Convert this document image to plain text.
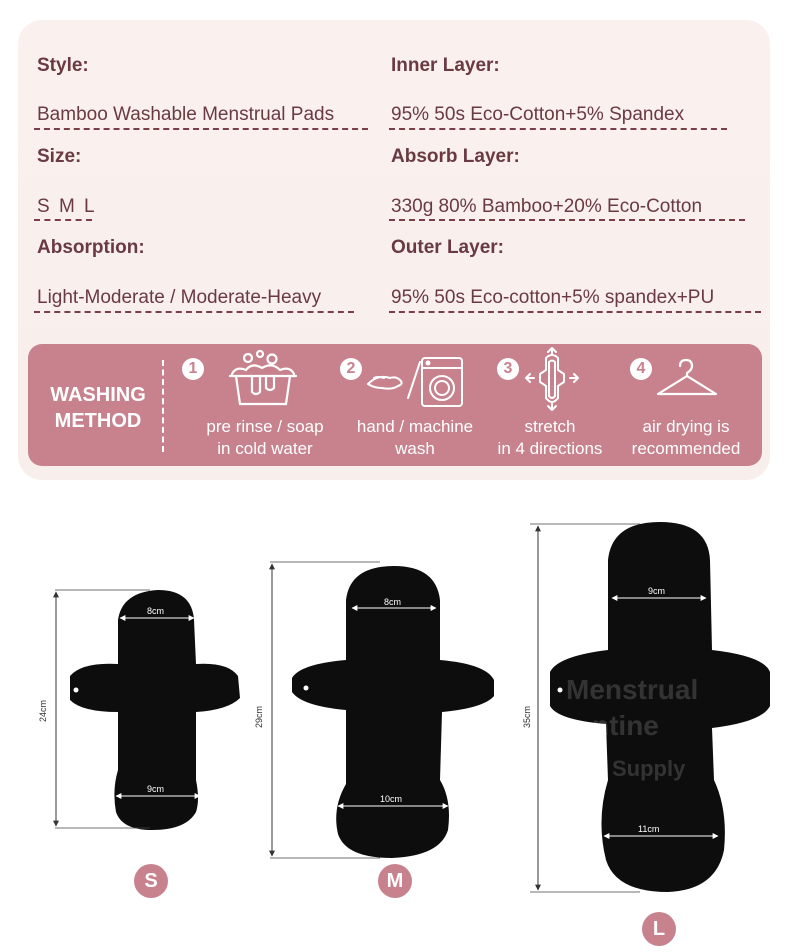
Style:
Bamboo Washable Menstrual Pads
Size:
S M L
Absorption:
Light-Moderate / Moderate-Heavy
Inner Layer:
95% 50s Eco-Cotton+5% Spandex
Absorb Layer:
330g 80% Bamboo+20% Eco-Cotton
Outer Layer:
95% 50s Eco-cotton+5% spandex+PU
WASHING
METHOD
1
pre rinse / soap
in cold water
2
hand / machine
wash
3
stretch
in 4 directions
4
air drying is
recommended
8cm
9cm
24cm
8cm
10cm
29cm
9cm
11cm
35cm
Menstrual
ntine
Supply
S	M
L
